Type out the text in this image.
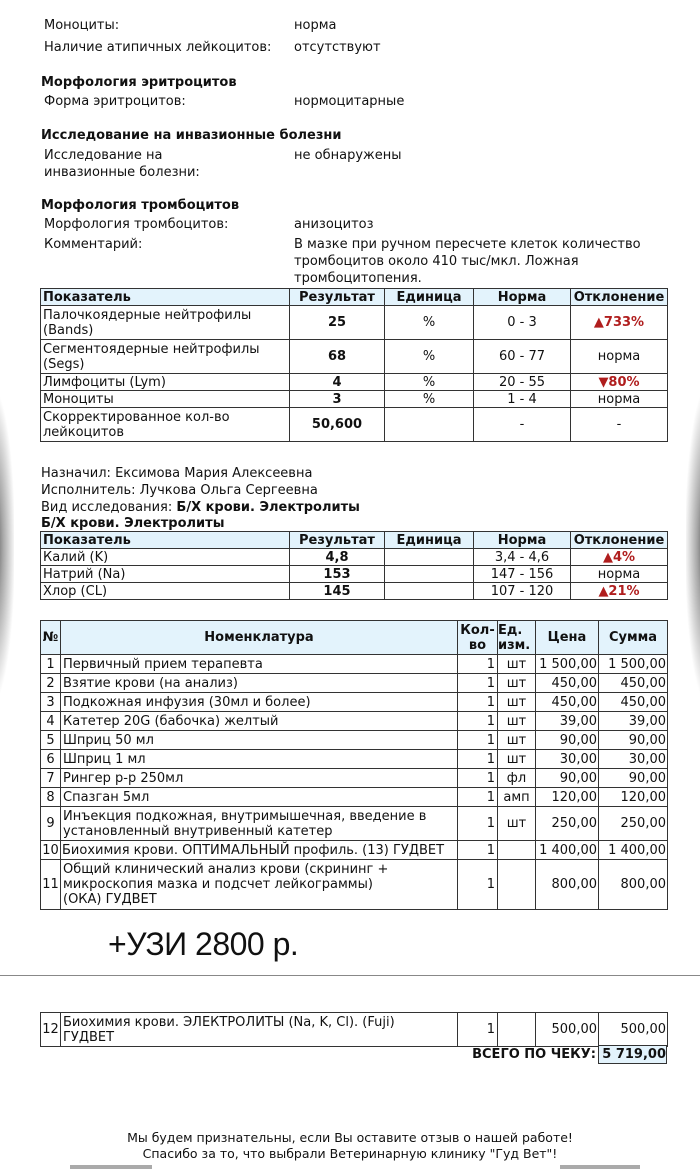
Моноциты:	норма
Наличие атипичных лейкоцитов:	отсутствуют
Морфология эритроцитов
Форма эритроцитов:	нормоцитарные
Исследование на инвазионные болезни
Исследование на инвазионные болезни:
не обнаружены
Морфология тромбоцитов
Морфология тромбоцитов:	анизоцитоз
Комментарий:	В мазке при ручном пересчете клеток количество тромбоцитов около 410 тыс/мкл. Ложная тромбоцитопения.
Показатель	Результат	Единица	Норма	Отклонение
Палочкоядерные нейтрофилы (Bands)	25	%	0 - 3	▲733%
Сегментоядерные нейтрофилы (Segs)	68	%	60 - 77	норма
Лимфоциты (Lym)	4	%	20 - 55	▼80%
Моноциты	3	%	1 - 4	норма
Скорректированное кол-во лейкоцитов	50,600		-	-
Назначил: Ексимова Мария Алексеевна
Исполнитель: Лучкова Ольга Сергеевна
Вид исследования: Б/Х крови. Электролиты
Б/Х крови. Электролиты
Показатель	Результат	Единица	Норма	Отклонение
Калий (K)	4,8		3,4 - 4,6	▲4%
Натрий (Na)	153		147 - 156	норма
Хлор (CL)	145		107 - 120	▲21%
№	Номенклатура	Кол-во	Ед. изм.	Цена	Сумма
1	Первичный прием терапевта	1	шт	1 500,00	1 500,00
2	Взятие крови (на анализ)	1	шт	450,00	450,00
3	Подкожная инфузия (30мл и более)	1	шт	450,00	450,00
4	Катетер 20G (бабочка) желтый	1	шт	39,00	39,00
5	Шприц 50 мл	1	шт	90,00	90,00
6	Шприц 1 мл	1	шт	30,00	30,00
7	Рингер р-р 250мл	1	фл	90,00	90,00
8	Спазган 5мл	1	амп	120,00	120,00
9	Инъекция подкожная, внутримышечная, введение в установленный внутривенный катетер	1	шт	250,00	250,00
10	Биохимия крови. ОПТИМАЛЬНЫЙ профиль. (13) ГУДВЕТ	1		1 400,00	1 400,00
11	Общий клинический анализ крови (скрининг + микроскопия мазка и подсчет лейкограммы) (ОКА) ГУДВЕТ	1		800,00	800,00
+УЗИ 2800 р.
12	Биохимия крови. ЭЛЕКТРОЛИТЫ (Na, K, Cl). (Fuji) ГУДВЕТ	1		500,00	500,00
ВСЕГО ПО ЧЕКУ: 5 719,00
Мы будем признательны, если Вы оставите отзыв о нашей работе!
Спасибо за то, что выбрали Ветеринарную клинику "Гуд Вет"!
